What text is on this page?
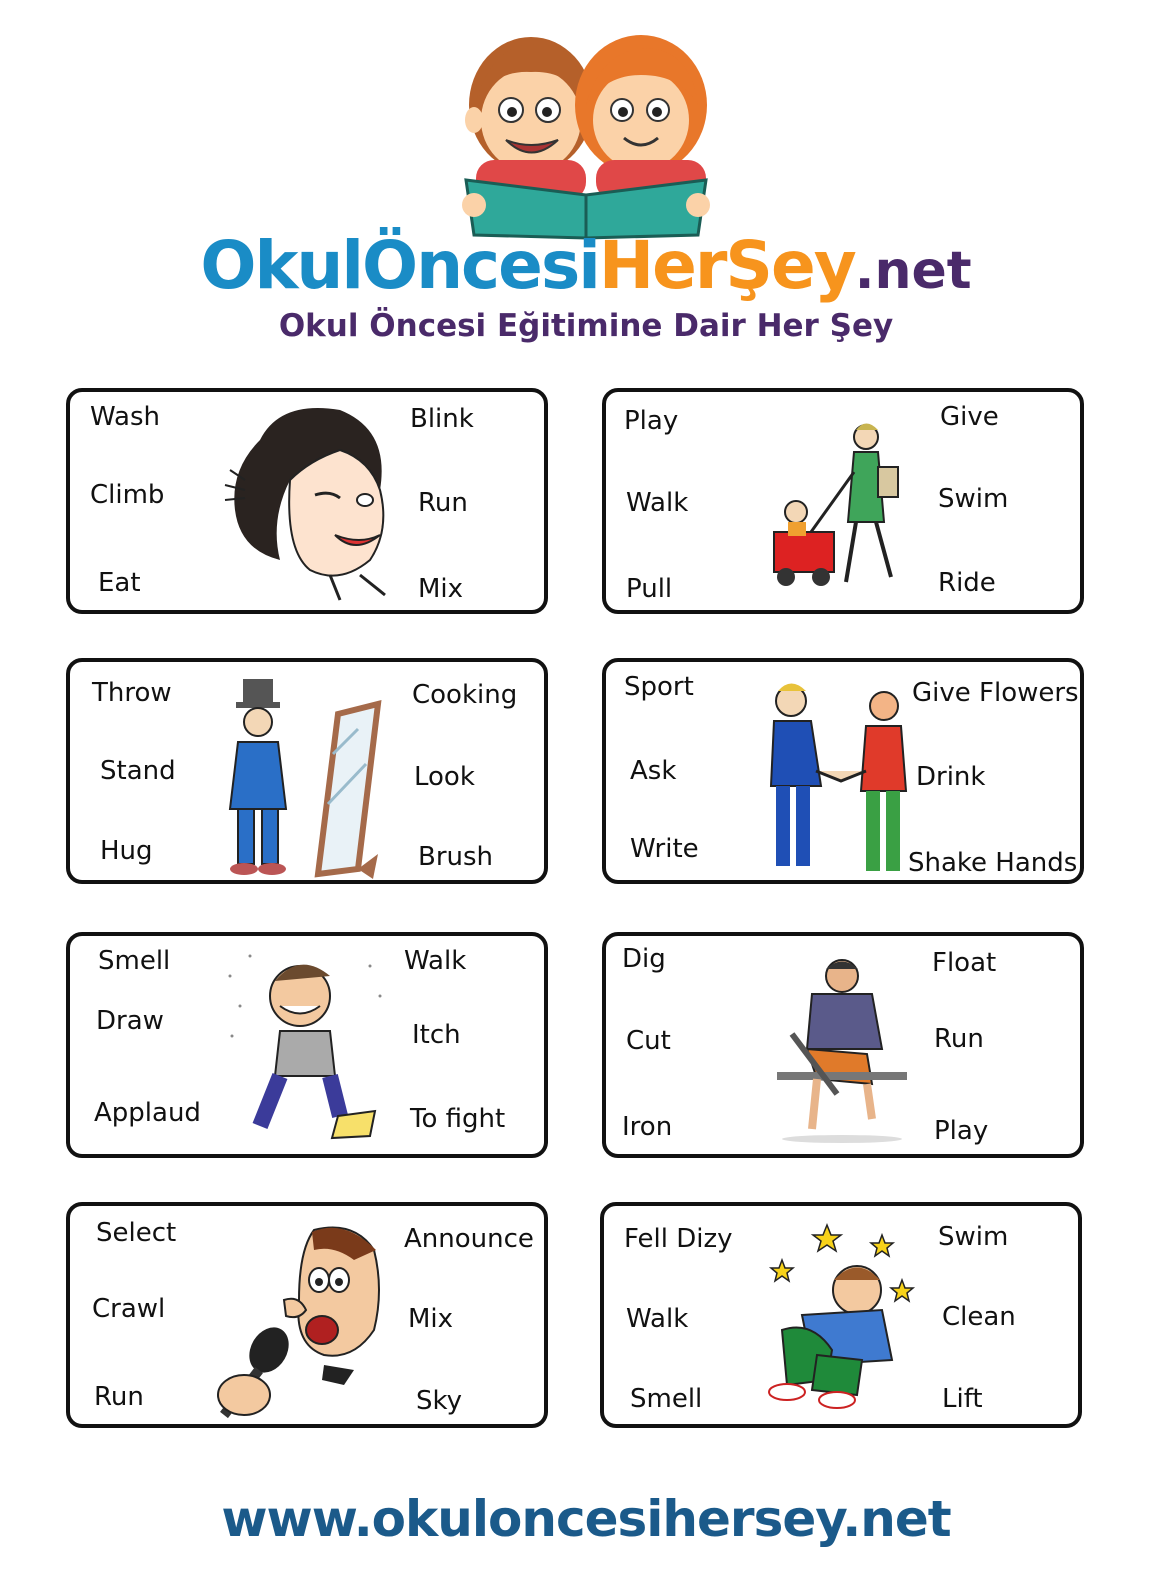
OkulÖncesiHerŞey.net
Okul Öncesi Eğitimine Dair Her Şey
Wash
Climb
Eat
Blink
Run
Mix
Play
Walk
Pull
Give
Swim
Ride
Throw
Stand
Hug
Cooking
Look
Brush
Sport
Ask
Write
Give Flowers
Drink
Shake Hands
Smell
Draw
Applaud
Walk
Itch
To fight
Dig
Cut
Iron
Float
Run
Play
Select
Crawl
Run
Announce
Mix
Sky
Fell Dizy
Walk
Smell
Swim
Clean
Lift
www.okuloncesihersey.net
